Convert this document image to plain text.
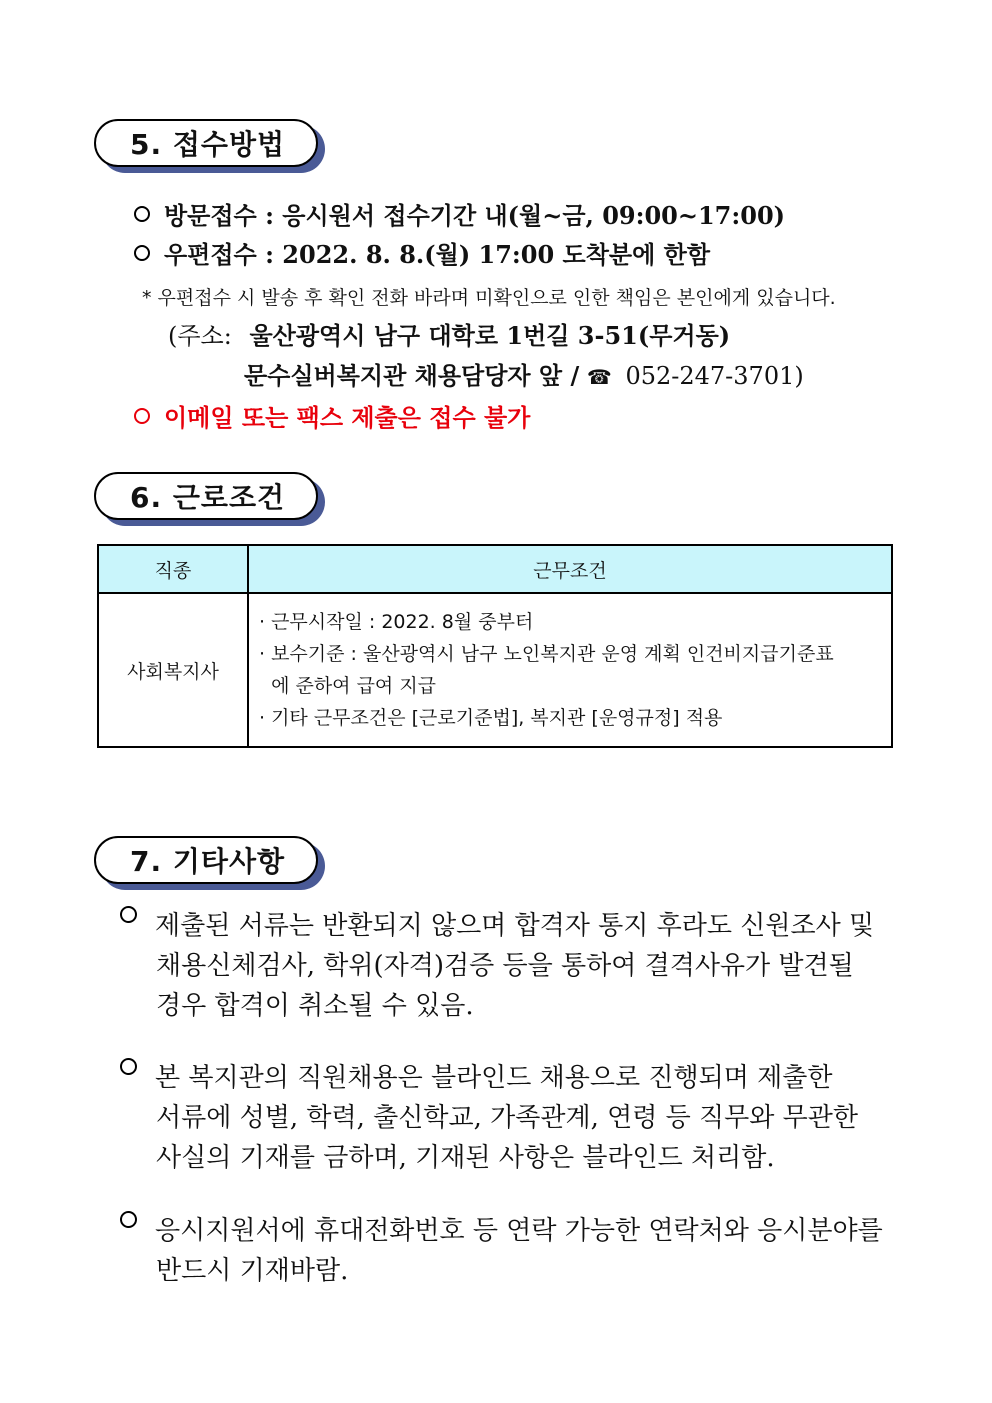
5. 접수방법
방문접수 : 응시원서 접수기간 내(월~금, 09:00~17:00)
우편접수 : 2022. 8. 8.(월) 17:00 도착분에 한함
* 우편접수 시 발송 후 확인 전화 바라며 미확인으로 인한 책임은 본인에게 있습니다.
(주소: 울산광역시 남구 대학로 1번길 3-51(무거동)
문수실버복지관 채용담당자 앞 / ☎ 052-247-3701)
이메일 또는 팩스 제출은 접수 불가
6. 근로조건
직종	근무조건
사회복지사	· 근무시작일 : 2022. 8월 중부터
· 보수기준 : 울산광역시 남구 노인복지관 운영 계획 인건비지급기준표
에 준하여 급여 지급
· 기타 근무조건은 [근로기준법], 복지관 [운영규정] 적용
7. 기타사항
제출된 서류는 반환되지 않으며 합격자 통지 후라도 신원조사 및
채용신체검사, 학위(자격)검증 등을 통하여 결격사유가 발견될
경우 합격이 취소될 수 있음.
본 복지관의 직원채용은 블라인드 채용으로 진행되며 제출한
서류에 성별, 학력, 출신학교, 가족관계, 연령 등 직무와 무관한
사실의 기재를 금하며, 기재된 사항은 블라인드 처리함.
응시지원서에 휴대전화번호 등 연락 가능한 연락처와 응시분야를
반드시 기재바람.
